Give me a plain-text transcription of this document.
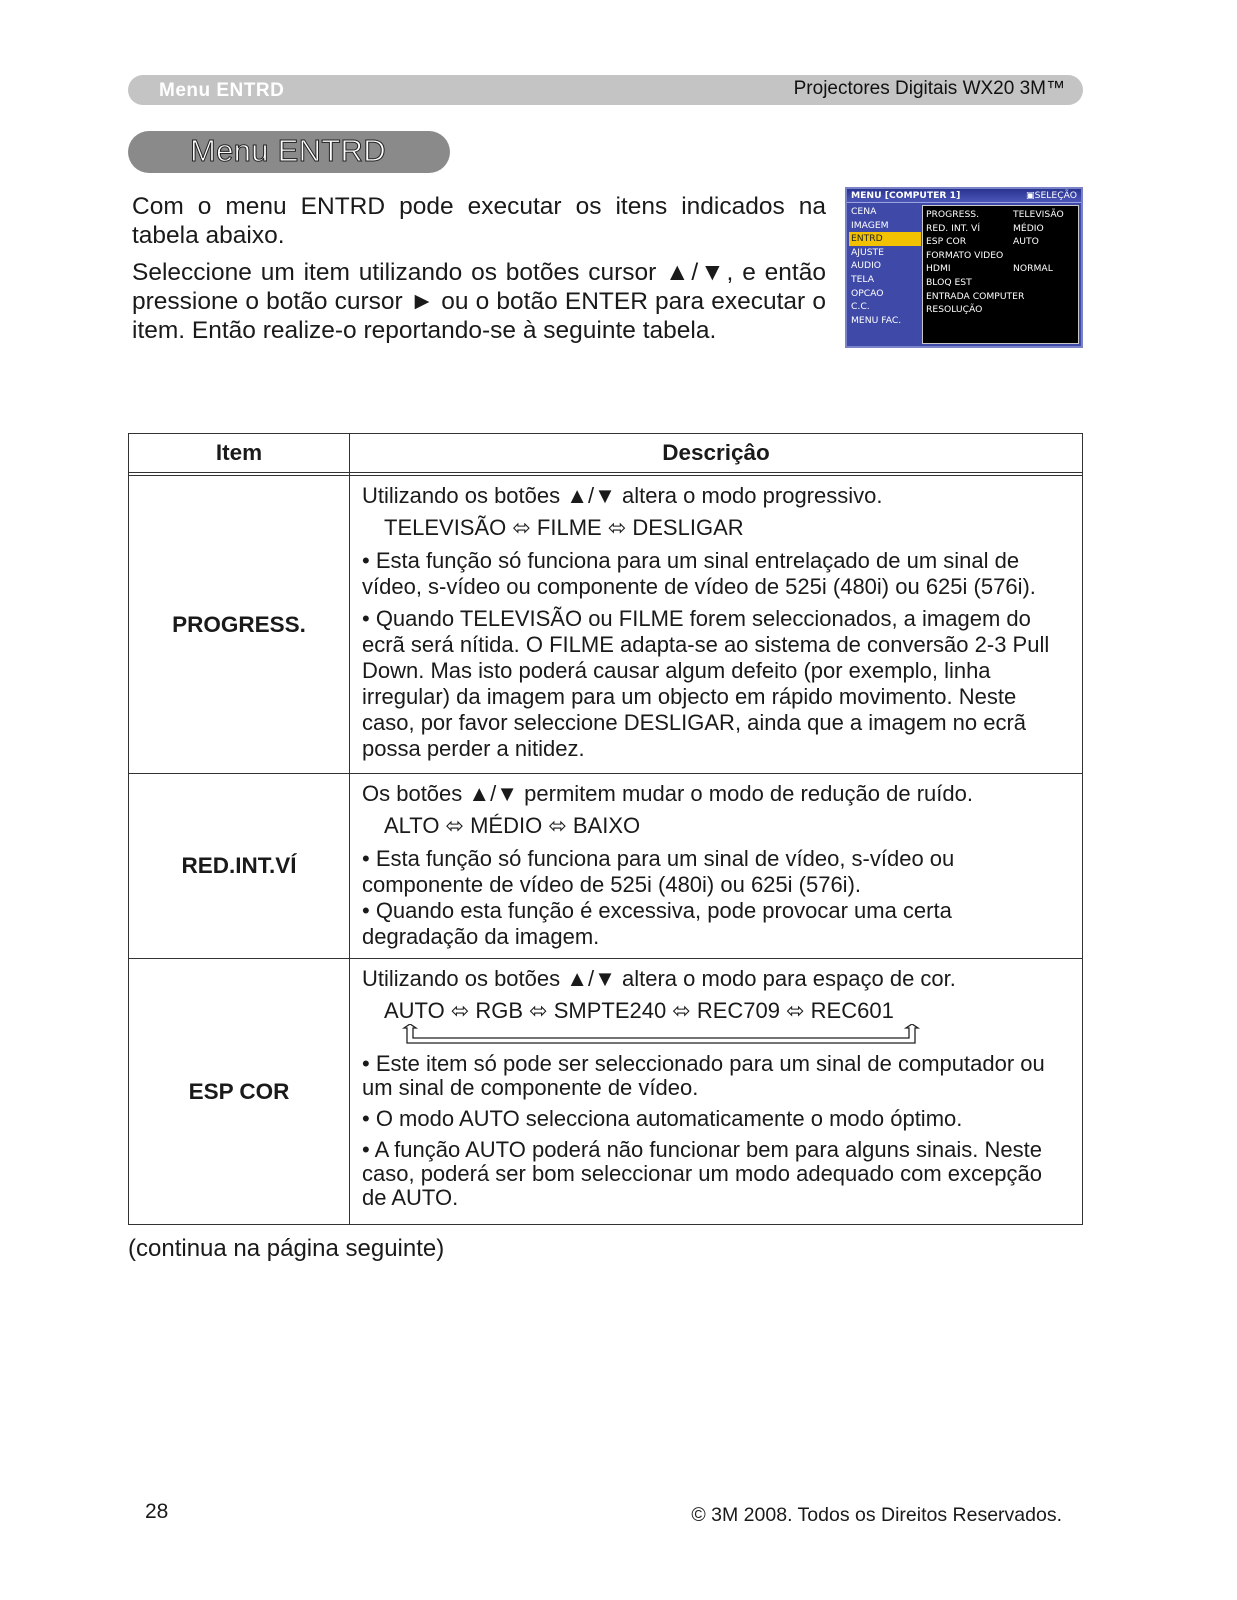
Menu ENTRD	Projectores Digitais WX20 3M™
Menu ENTRD

Com o menu ENTRD pode executar os itens indicados na tabela abaixo.

Seleccione um item utilizando os botões cursor ▲/▼, e então pressione o botão cursor ► ou o botão ENTER para executar o item. Então realize-o reportando-se à seguinte tabela.

MENU [COMPUTER 1]	▣SELEÇÃO
CENA
IMAGEM
ENTRD
AJUSTE
AUDIO
TELA
OPCAO
C.C.
MENU FAC.
PROGRESS.	TELEVISÃO
RED. INT. VÍ	MÉDIO
ESP COR	AUTO
FORMATO VIDEO
HDMI	NORMAL
BLOQ EST
ENTRADA COMPUTER
RESOLUÇÃO
Item	Descriçâo

PROGRESS.	Utilizando os botões ▲/▼ altera o modo progressivo.
TELEVISÃO ⬄ FILME ⬄ DESLIGAR
• Esta função só funciona para um sinal entrelaçado de um sinal de vídeo, s-vídeo ou componente de vídeo de 525i (480i) ou 625i (576i).
• Quando TELEVISÃO ou FILME forem seleccionados, a imagem do ecrã será nítida. O FILME adapta-se ao sistema de conversão 2-3 Pull Down. Mas isto poderá causar algum defeito (por exemplo, linha irregular) da imagem para um objecto em rápido movimento. Neste caso, por favor seleccione DESLIGAR, ainda que a imagem no ecrã possa perder a nitidez.

RED.INT.VÍ	Os botões ▲/▼ permitem mudar o modo de redução de ruído.
ALTO ⬄ MÉDIO ⬄ BAIXO
• Esta função só funciona para um sinal de vídeo, s-vídeo ou componente de vídeo de 525i (480i) ou 625i (576i).
• Quando esta função é excessiva, pode provocar uma certa degradação da imagem.

ESP COR	Utilizando os botões ▲/▼ altera o modo para espaço de cor.
AUTO ⬄ RGB ⬄ SMPTE240 ⬄ REC709 ⬄ REC601
• Este item só pode ser seleccionado para um sinal de computador ou um sinal de componente de vídeo.
• O modo AUTO selecciona automaticamente o modo óptimo.
• A função AUTO poderá não funcionar bem para alguns sinais. Neste caso, poderá ser bom seleccionar um modo adequado com excepção de AUTO.
(continua na página seguinte)
28	© 3M 2008. Todos os Direitos Reservados.
